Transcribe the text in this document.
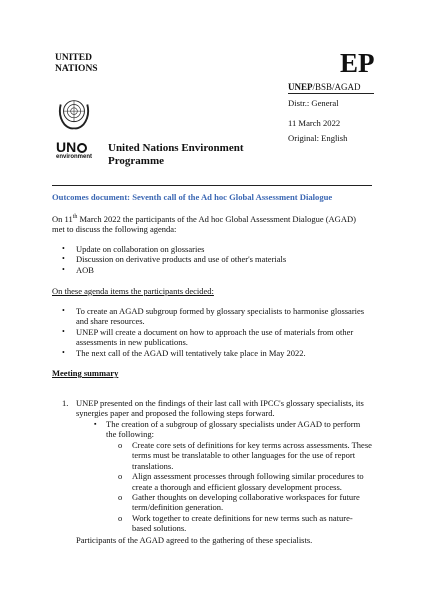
UNITED
NATIONS	EP
UNEP/BSB/AGAD
Distr.: General
11 March 2022
Original: English
UN
environment
United Nations Environment
Programme
Outcomes document: Seventh call of the Ad hoc Global Assessment Dialogue
On 11th March 2022 the participants of the Ad hoc Global Assessment Dialogue (AGAD)
met to discuss the following agenda:
• Update on collaboration on glossaries
• Discussion on derivative products and use of other's materials
• AOB
On these agenda items the participants decided:
• To create an AGAD subgroup formed by glossary specialists to harmonise glossaries
and share resources.
• UNEP will create a document on how to approach the use of materials from other
assessments in new publications.
• The next call of the AGAD will tentatively take place in May 2022.
Meeting summary
1. UNEP presented on the findings of their last call with IPCC's glossary specialists, its
synergies paper and proposed the following steps forward.
▪	The creation of a subgroup of glossary specialists under AGAD to perform
the following:
o Create core sets of definitions for key terms across assessments. These
terms must be translatable to other languages for the use of report
translations.
o Align assessment processes through following similar procedures to
create a thorough and efficient glossary development process.
o Gather thoughts on developing collaborative workspaces for future
term/definition generation.
o Work together to create definitions for new terms such as nature-
based solutions.
Participants of the AGAD agreed to the gathering of these specialists.
